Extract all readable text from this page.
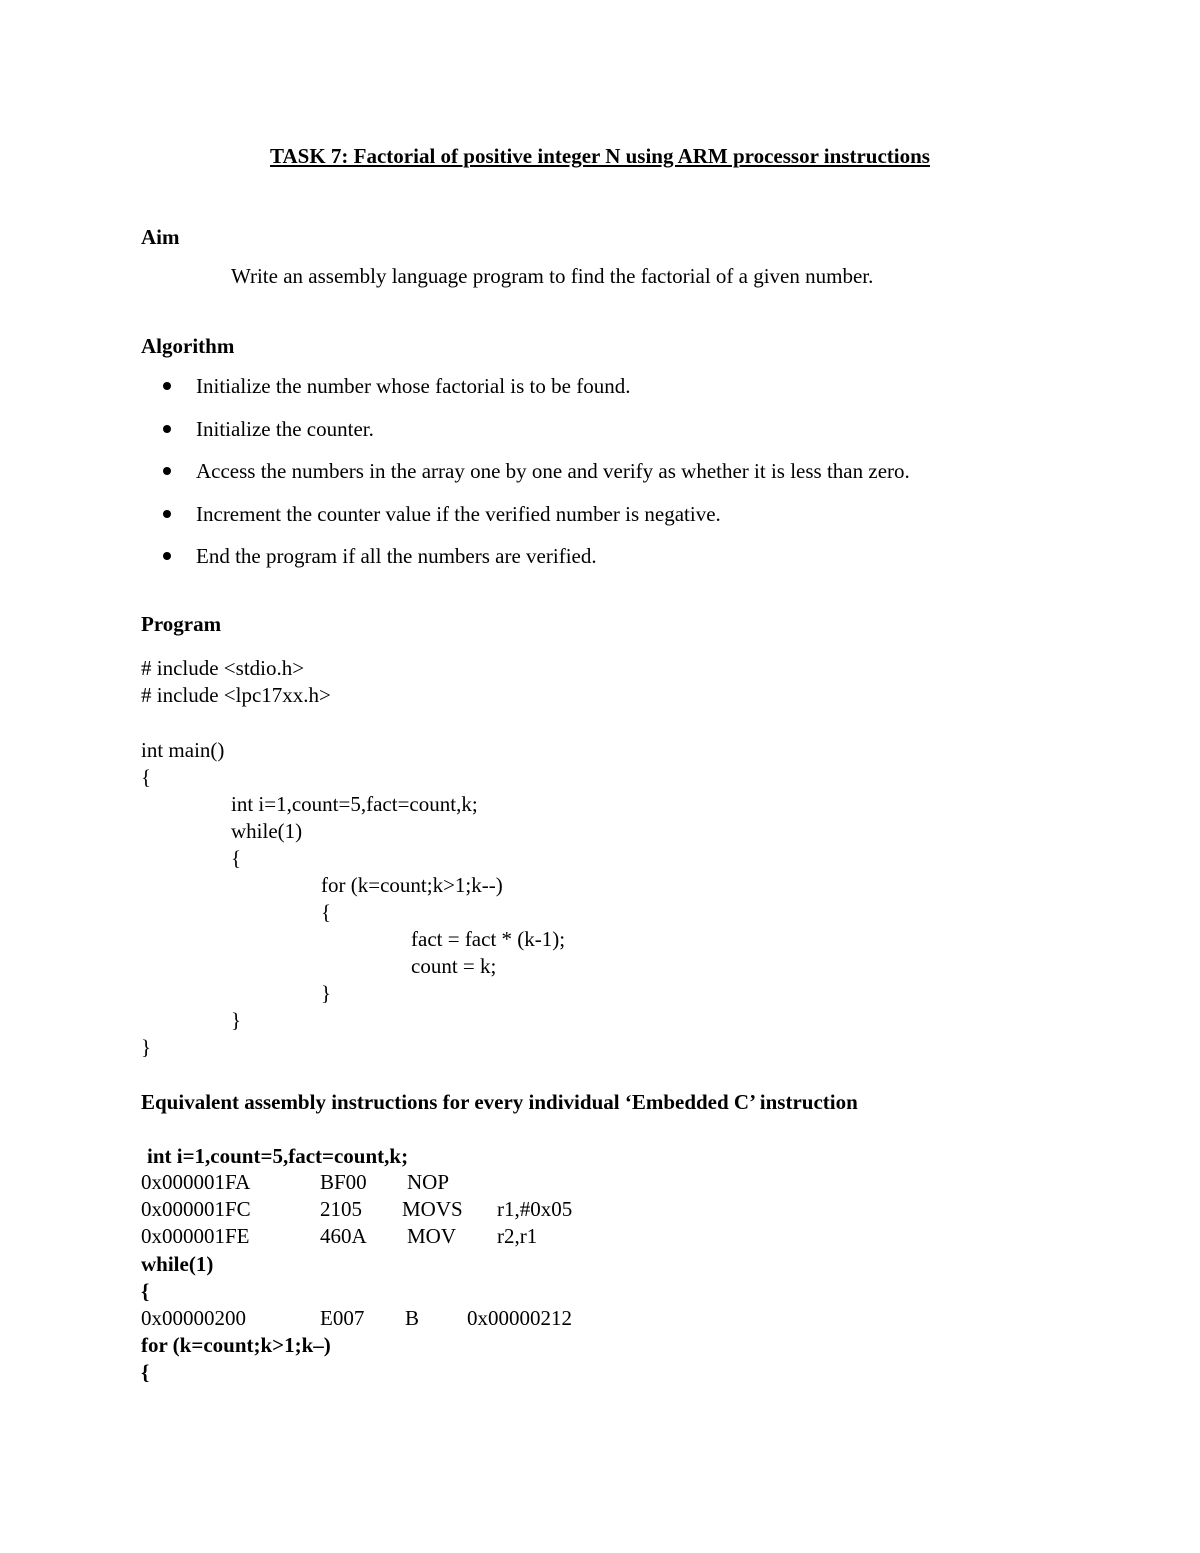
TASK 7: Factorial of positive integer N using ARM processor instructions
Aim
Write an assembly language program to find the factorial of a given number.
Algorithm
Initialize the number whose factorial is to be found.
Initialize the counter.
Access the numbers in the array one by one and verify as whether it is less than zero.
Increment the counter value if the verified number is negative.
End the program if all the numbers are verified.
Program
# include <stdio.h>
# include <lpc17xx.h>
int main()
{
int i=1,count=5,fact=count,k;
while(1)
{
for (k=count;k>1;k--)
{
fact = fact * (k-1);
count = k;
}
}
}
Equivalent assembly instructions for every individual ‘Embedded C’ instruction
int i=1,count=5,fact=count,k;
0x000001FA	BF00 NOP
0x000001FC	2105 MOVS r1,#0x05
0x000001FE	460A MOV r2,r1
while(1)
{
0x00000200	E007 B 0x00000212
for (k=count;k>1;k–)
{
